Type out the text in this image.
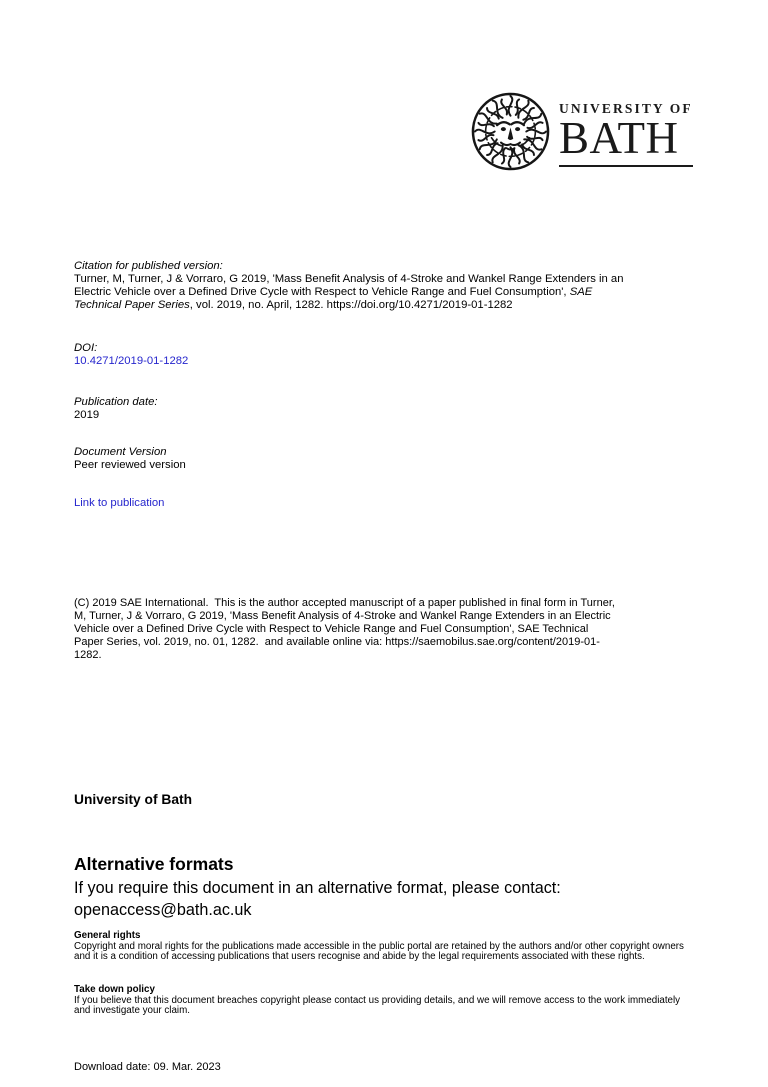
UNIVERSITY OF
BATH
Citation for published version:
Turner, M, Turner, J & Vorraro, G 2019, 'Mass Benefit Analysis of 4-Stroke and Wankel Range Extenders in an
Electric Vehicle over a Defined Drive Cycle with Respect to Vehicle Range and Fuel Consumption', SAE
Technical Paper Series, vol. 2019, no. April, 1282. https://doi.org/10.4271/2019-01-1282
DOI:
10.4271/2019-01-1282
Publication date:
2019
Document Version
Peer reviewed version
Link to publication
(C) 2019 SAE International.  This is the author accepted manuscript of a paper published in final form in Turner,
M, Turner, J & Vorraro, G 2019, 'Mass Benefit Analysis of 4-Stroke and Wankel Range Extenders in an Electric
Vehicle over a Defined Drive Cycle with Respect to Vehicle Range and Fuel Consumption', SAE Technical
Paper Series, vol. 2019, no. 01, 1282.  and available online via: https://saemobilus.sae.org/content/2019-01-
1282.
University of Bath
Alternative formats
If you require this document in an alternative format, please contact:
openaccess@bath.ac.uk
General rights
Copyright and moral rights for the publications made accessible in the public portal are retained by the authors and/or other copyright owners
and it is a condition of accessing publications that users recognise and abide by the legal requirements associated with these rights.
Take down policy
If you believe that this document breaches copyright please contact us providing details, and we will remove access to the work immediately
and investigate your claim.
Download date: 09. Mar. 2023
